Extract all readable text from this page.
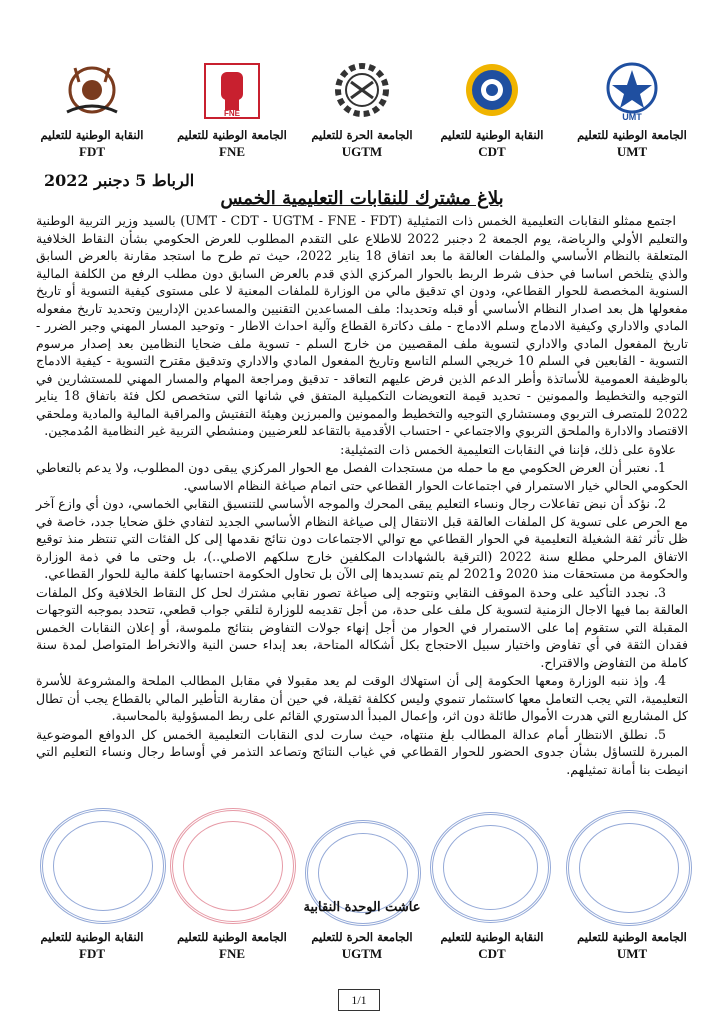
النقابة الوطنية للتعليم
FDT
FNE
الجامعة الوطنية للتعليم
FNE
الجامعة الحرة للتعليم
UGTM
النقابة الوطنية للتعليم
CDT
UMT
الجامعة الوطنية للتعليم
UMT
الرباط 5 دجنبر 2022
بلاغ مشترك للنقابات التعليمية الخمس

اجتمع ممثلو النقابات التعليمية الخمس ذات التمثيلية (UMT - CDT - UGTM - FNE - FDT) بالسيد وزير التربية الوطنية والتعليم الأولي والرياضة، يوم الجمعة 2 دجنبر 2022 للاطلاع على التقدم المطلوب للعرض الحكومي بشأن النقاط الخلافية المتعلقة بالنظام الأساسي والملفات العالقة ما بعد اتفاق 18 يناير 2022، حيث تم طرح ما استجد مقارنة بالعرض السابق والذي يتلخص اساسا في حذف شرط الربط بالحوار المركزي الذي قدم بالعرض السابق دون مطلب الرفع من الكلفة المالية السنوية المخصصة للحوار القطاعي، ودون اي تدقيق مالي من الوزارة للملفات المعنية لا على مستوى كيفية التسوية أو تاريخ مفعولها هل بعد اصدار النظام الأساسي أو قبله وتحديدا: ملف المساعدين التقنيين والمساعدين الإداريين وتحديد تاريخ مفعوله المادي والاداري وكيفية الادماج وسلم الادماج - ملف دكاترة القطاع وآلية احداث الاطار - وتوحيد المسار المهني وجبر الضرر - تاريخ المفعول المادي والاداري لتسوية ملف المقصيين من خارج السلم - تسوية ملف ضحايا النظامين بعد إصدار مرسوم التسوية - القابعين في السلم 10 خريجي السلم التاسع وتاريخ المفعول المادي والاداري وتدقيق مقترح التسوية - كيفية الادماج بالوظيفة العمومية للأساتذة وأطر الدعم الذين فرض عليهم التعاقد - تدقيق ومراجعة المهام والمسار المهني للمستشارين في التوجيه والتخطيط والممونين - تحديد قيمة التعويضات التكميلية المتفق في شانها التي ستخصص لكل فئة باتفاق 18 يناير 2022 للمتصرف التربوي ومستشاري التوجيه والتخطيط والممونين والمبرزين وهيئة التفتيش والمراقبة المالية والمادية وملحقي الاقتصاد والادارة والملحق التربوي والاجتماعي - احتساب الأقدمية بالتقاعد للعرضيين ومنشطي التربية غير النظامية المُدمجين.

علاوة على ذلك، فإننا في النقابات التعليمية الخمس ذات التمثيلية:

1. نعتبر أن العرض الحكومي مع ما حمله من مستجدات الفصل مع الحوار المركزي يبقى دون المطلوب، ولا يدعم بالتعاطي الحكومي الحالي خيار الاستمرار في اجتماعات الحوار القطاعي حتى اتمام صياغة النظام الاساسي.

2. نؤكد أن نبض تفاعلات رجال ونساء التعليم يبقى المحرك والموجه الأساسي للتنسيق النقابي الخماسي، دون أي وازع آخر مع الحرص على تسوية كل الملفات العالقة قبل الانتقال إلى صياغة النظام الأساسي الجديد لتفادي خلق ضحايا جدد، خاصة في ظل تأثر ثقة الشغيلة التعليمية في الحوار القطاعي مع توالي الاجتماعات دون نتائج نقدمها إلى كل الفئات التي تنتظر منذ توقيع الاتفاق المرحلي مطلع سنة 2022 (الترقية بالشهادات المكلفين خارج سلكهم الاصلي..)، بل وحتى ما في ذمة الوزارة والحكومة من مستحقات منذ 2020 و2021 لم يتم تسديدها إلى الآن بل تحاول الحكومة احتسابها كلفة مالية للحوار القطاعي.

3. نجدد التأكيد على وحدة الموقف النقابي ونتوجه إلى صياغة تصور نقابي مشترك لحل كل النقاط الخلافية وكل الملفات العالقة بما فيها الاجال الزمنية لتسوية كل ملف على حدة، من أجل تقديمه للوزارة لتلقي جواب قطعي، تتحدد بموجبه التوجهات المقبلة التي ستقوم إما على الاستمرار في الحوار من أجل إنهاء جولات التفاوض بنتائج ملموسة، أو إعلان النقابات الخمس فقدان الثقة في أي تفاوض واختيار سبيل الاحتجاج بكل أشكاله المتاحة، بعد إبداء حسن النية والانخراط المتواصل لمدة سنة كاملة من التفاوض والاقتراح.

4. وإذ ننبه الوزارة ومعها الحكومة إلى أن استهلاك الوقت لم يعد مقبولا في مقابل المطالب الملحة والمشروعة للأسرة التعليمية، التي يجب التعامل معها كاستثمار تنموي وليس ككلفة ثقيلة، في حين أن مقاربة التأطير المالي بالقطاع يجب أن تطال كل المشاريع التي هدرت الأموال طائلة دون اثر، وإعمال المبدأ الدستوري القائم على ربط المسؤولية بالمحاسبة.

5. نطلق الانتظار أمام عدالة المطالب بلغ منتهاه، حيث سارت لدى النقابات التعليمية الخمس كل الدوافع الموضوعية المبررة للتساؤل بشأن جدوى الحضور للحوار القطاعي في غياب النتائج وتصاعد التذمر في أوساط رجال ونساء التعليم التي انيطت بنا أمانة تمثيلهم.

عاشت الوحدة النقابية
النقابة الوطنية للتعليم
FDT
الجامعة الوطنية للتعليم
FNE
الجامعة الحرة للتعليم
UGTM
النقابة الوطنية للتعليم
CDT
الجامعة الوطنية للتعليم
UMT
1/1
